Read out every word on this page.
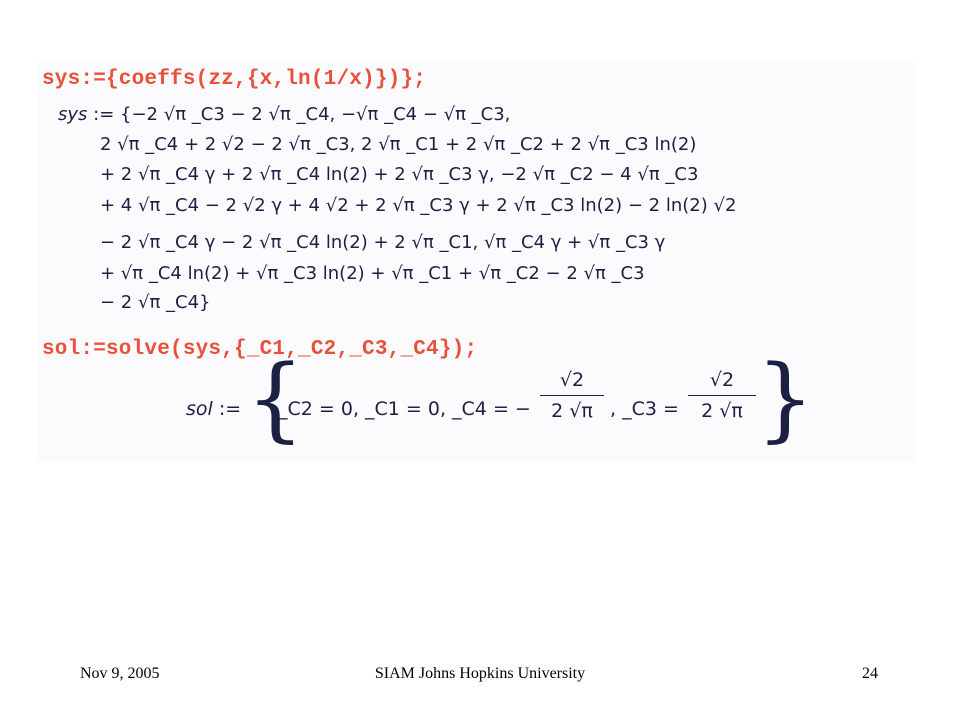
sys:={coeffs(zz,{x,ln(1/x)})};
sys := {−2 √π _C3 − 2 √π _C4, −√π _C4 − √π _C3,
2 √π _C4 + 2 √2 − 2 √π _C3, 2 √π _C1 + 2 √π _C2 + 2 √π _C3 ln(2)
+ 2 √π _C4 γ + 2 √π _C4 ln(2) + 2 √π _C3 γ, −2 √π _C2 − 4 √π _C3
+ 4 √π _C4 − 2 √2 γ + 4 √2 + 2 √π _C3 γ + 2 √π _C3 ln(2) − 2 ln(2) √2
− 2 √π _C4 γ − 2 √π _C4 ln(2) + 2 √π _C1, √π _C4 γ + √π _C3 γ
+ √π _C4 ln(2) + √π _C3 ln(2) + √π _C1 + √π _C2 − 2 √π _C3
− 2 √π _C4}
sol:=solve(sys,{_C1,_C2,_C3,_C4});
sol := {
_C2 = 0, _C1 = 0, _C4 = −
√2
2 √π , _C3 =
√2
2 √π }
Nov 9, 2005	SIAM Johns Hopkins University	24
